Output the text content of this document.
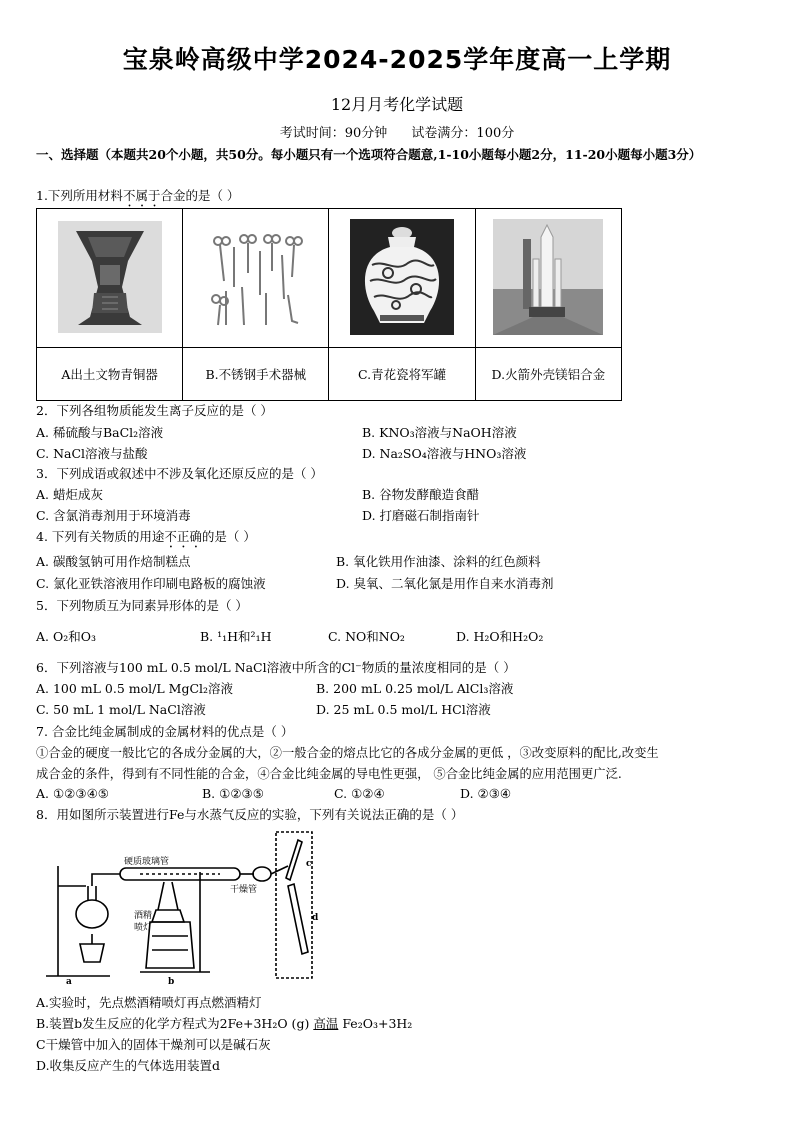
宝泉岭高级中学2024-2025学年度高一上学期
12月月考化学试题
考试时间：90分钟 试卷满分：100分
一、选择题（本题共20个小题，共50分。每小题只有一个选项符合题意,1-10小题每小题2分，11-20小题每小题3分）
1.下列所用材料不属于合金的是（ ）

A出土文物青铜器	B.不锈钢手术器械	C.青花瓷将军罐	D.火箭外壳镁铝合金
2．下列各组物质能发生离子反应的是（ ）
A. 稀硫酸与BaCl₂溶液	B. KNO₃溶液与NaOH溶液
C. NaCl溶液与盐酸	D. Na₂SO₄溶液与HNO₃溶液
3．下列成语或叙述中不涉及氧化还原反应的是（ ）
A. 蜡炬成灰	B. 谷物发酵酿造食醋
C. 含氯消毒剂用于环境消毒	D. 打磨磁石制指南针
4. 下列有关物质的用途不正确的是（ ）
A. 碳酸氢钠可用作焙制糕点	B. 氧化铁用作油漆、涂料的红色颜料
C. 氯化亚铁溶液用作印刷电路板的腐蚀液	D. 臭氧、二氧化氯是用作自来水消毒剂
5．下列物质互为同素异形体的是（ ）
A. O₂和O₃	B. ¹₁H和²₁H	C. NO和NO₂	D. H₂O和H₂O₂
6．下列溶液与100 mL 0.5 mol/L NaCl溶液中所含的Cl⁻物质的量浓度相同的是（ ）
A. 100 mL 0.5 mol/L MgCl₂溶液	B. 200 mL 0.25 mol/L AlCl₃溶液
C. 50 mL 1 mol/L NaCl溶液	D. 25 mL 0.5 mol/L HCl溶液
7. 合金比纯金属制成的金属材料的优点是（ ）
①合金的硬度一般比它的各成分金属的大，②一般合金的熔点比它的各成分金属的更低 ，③改变原料的配比,改变生
成合金的条件，得到有不同性能的合金，④合金比纯金属的导电性更强， ⑤合金比纯金属的应用范围更广泛.
A. ①②③④⑤	B. ①②③⑤	C. ①②④	D. ②③④
8．用如图所示装置进行Fe与水蒸气反应的实验，下列有关说法正确的是（ ）
硬质玻璃管
干燥管
酒精
喷灯
a	b
c
d
A.实验时，先点燃酒精喷灯再点燃酒精灯
B.装置b发生反应的化学方程式为2Fe+3H₂O (g) 高温 Fe₂O₃+3H₂
C干燥管中加入的固体干燥剂可以是碱石灰
D.收集反应产生的气体选用装置d
